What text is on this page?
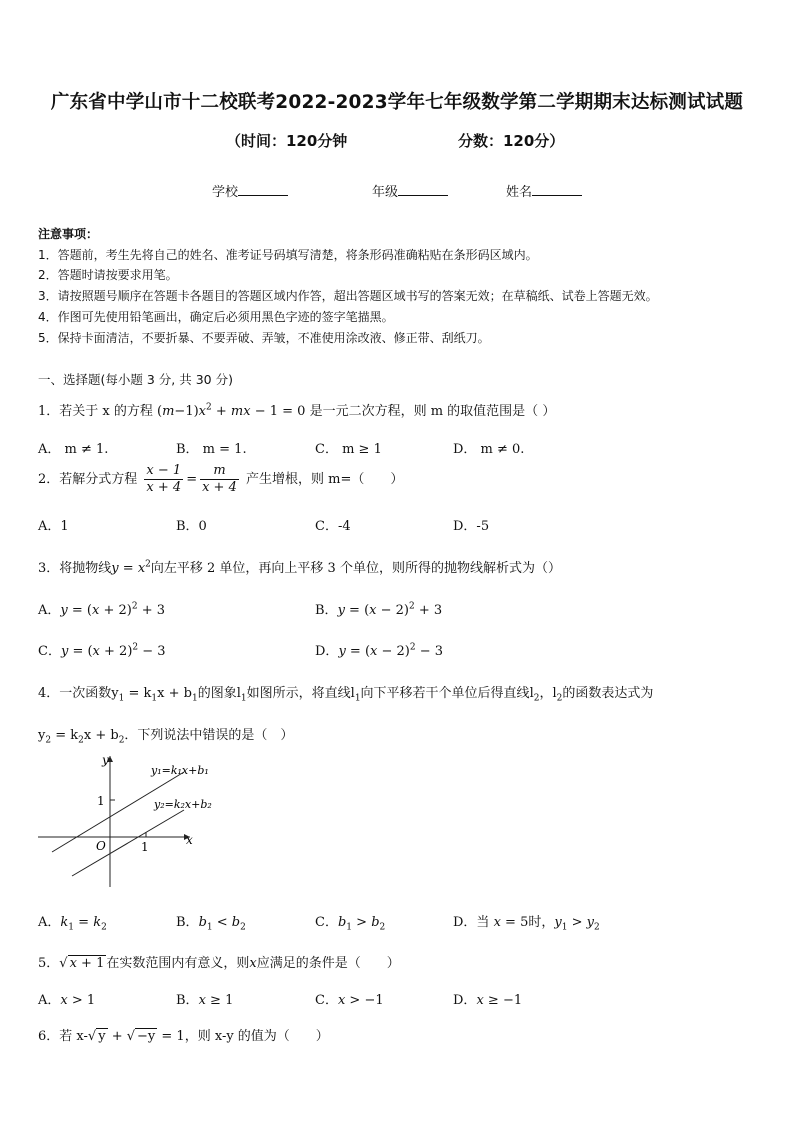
广东省中学山市十二校联考2022-2023学年七年级数学第二学期期末达标测试试题
（时间：120分钟	分数：120分）
学校	年级	姓名
注意事项：
1．答题前，考生先将自己的姓名、准考证号码填写清楚，将条形码准确粘贴在条形码区域内。
2．答题时请按要求用笔。
3．请按照题号顺序在答题卡各题目的答题区域内作答，超出答题区域书写的答案无效；在草稿纸、试卷上答题无效。
4．作图可先使用铅笔画出，确定后必须用黑色字迹的签字笔描黑。
5．保持卡面清洁，不要折暴、不要弄破、弄皱，不准使用涂改液、修正带、刮纸刀。
一、选择题(每小题 3 分, 共 30 分)
1．若关于 x 的方程 $(m-1)x^2$ + mx − 1 = 0 是一元二次方程，则 m 的取值范围是（ ）
A． m ≠ 1.	B． m = 1.	C． m ≥ 1	D． m ≠ 0.
2．若解分式方程 $\frac{x - 1}{x + 4} = \frac{m}{x + 4}$ 产生增根，则 m=（　　）
A．1	B．0	C．-4	D．-5
3．将抛物线$y = x^2$向左平移 2 单位，再向上平移 3 个单位，则所得的抛物线解析式为（）
A．$y = (x + 2)^2 + 3$	B．$y = (x - 2)^2 + 3$
C．$y = (x + 2)^2 - 3$	D．$y = (x - 2)^2 - 3$
4．一次函数$y_1 = k_1x + b_1$的图象$l_1$如图所示，将直线$l_1$向下平移若干个单位后得直线$l_2$，$l_2$的函数表达式为
$y_2 = k_2x + b_2$．下列说法中错误的是（　）
y
x
O	1
1
y₁=k₁x+b₁
y₂=k₂x+b₂
A．$k_1 = k_2$	B．$b_1 < b_2$	C．$b_1 > b_2$	D．当 x = 5时，$y_1 > y_2$
5．√ x + 1 在实数范围内有意义，则x应满足的条件是（　　）
A．x > 1	B．x ≥ 1	C．x > −1	D．x ≥ −1
6．若 x-√ y + √ −y = 1，则 x-y 的值为（　　）
